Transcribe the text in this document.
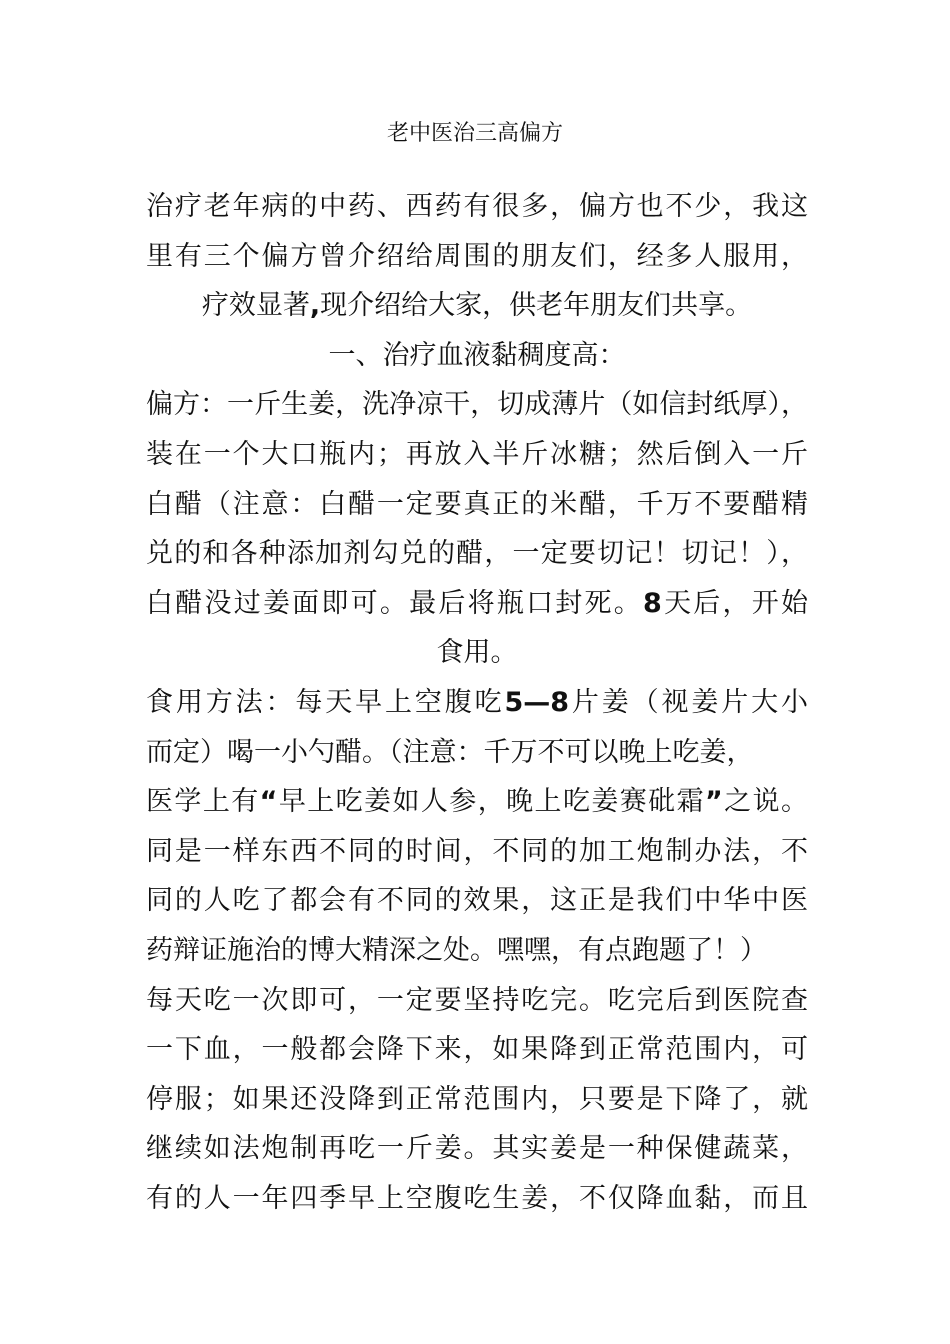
老中医治三高偏方
治疗老年病的中药、西药有很多，偏方也不少，我这
里有三个偏方曾介绍给周围的朋友们，经多人服用，
疗效显著,现介绍给大家，供老年朋友们共享。
一、治疗血液黏稠度高：
偏方：一斤生姜，洗净凉干，切成薄片（如信封纸厚），
装在一个大口瓶内；再放入半斤冰糖；然后倒入一斤
白醋（注意：白醋一定要真正的米醋，千万不要醋精
兑的和各种添加剂勾兑的醋，一定要切记！切记！），
白醋没过姜面即可。最后将瓶口封死。8天后，开始
食用。
食用方法：每天早上空腹吃5—8片姜（视姜片大小
而定）喝一小勺醋。（注意：千万不可以晚上吃姜，
医学上有“早上吃姜如人参，晚上吃姜赛砒霜”之说。
同是一样东西不同的时间，不同的加工炮制办法，不
同的人吃了都会有不同的效果，这正是我们中华中医
药辩证施治的博大精深之处。嘿嘿，有点跑题了！）
每天吃一次即可，一定要坚持吃完。吃完后到医院查
一下血，一般都会降下来，如果降到正常范围内，可
停服；如果还没降到正常范围内，只要是下降了，就
继续如法炮制再吃一斤姜。其实姜是一种保健蔬菜，
有的人一年四季早上空腹吃生姜，不仅降血黏，而且
